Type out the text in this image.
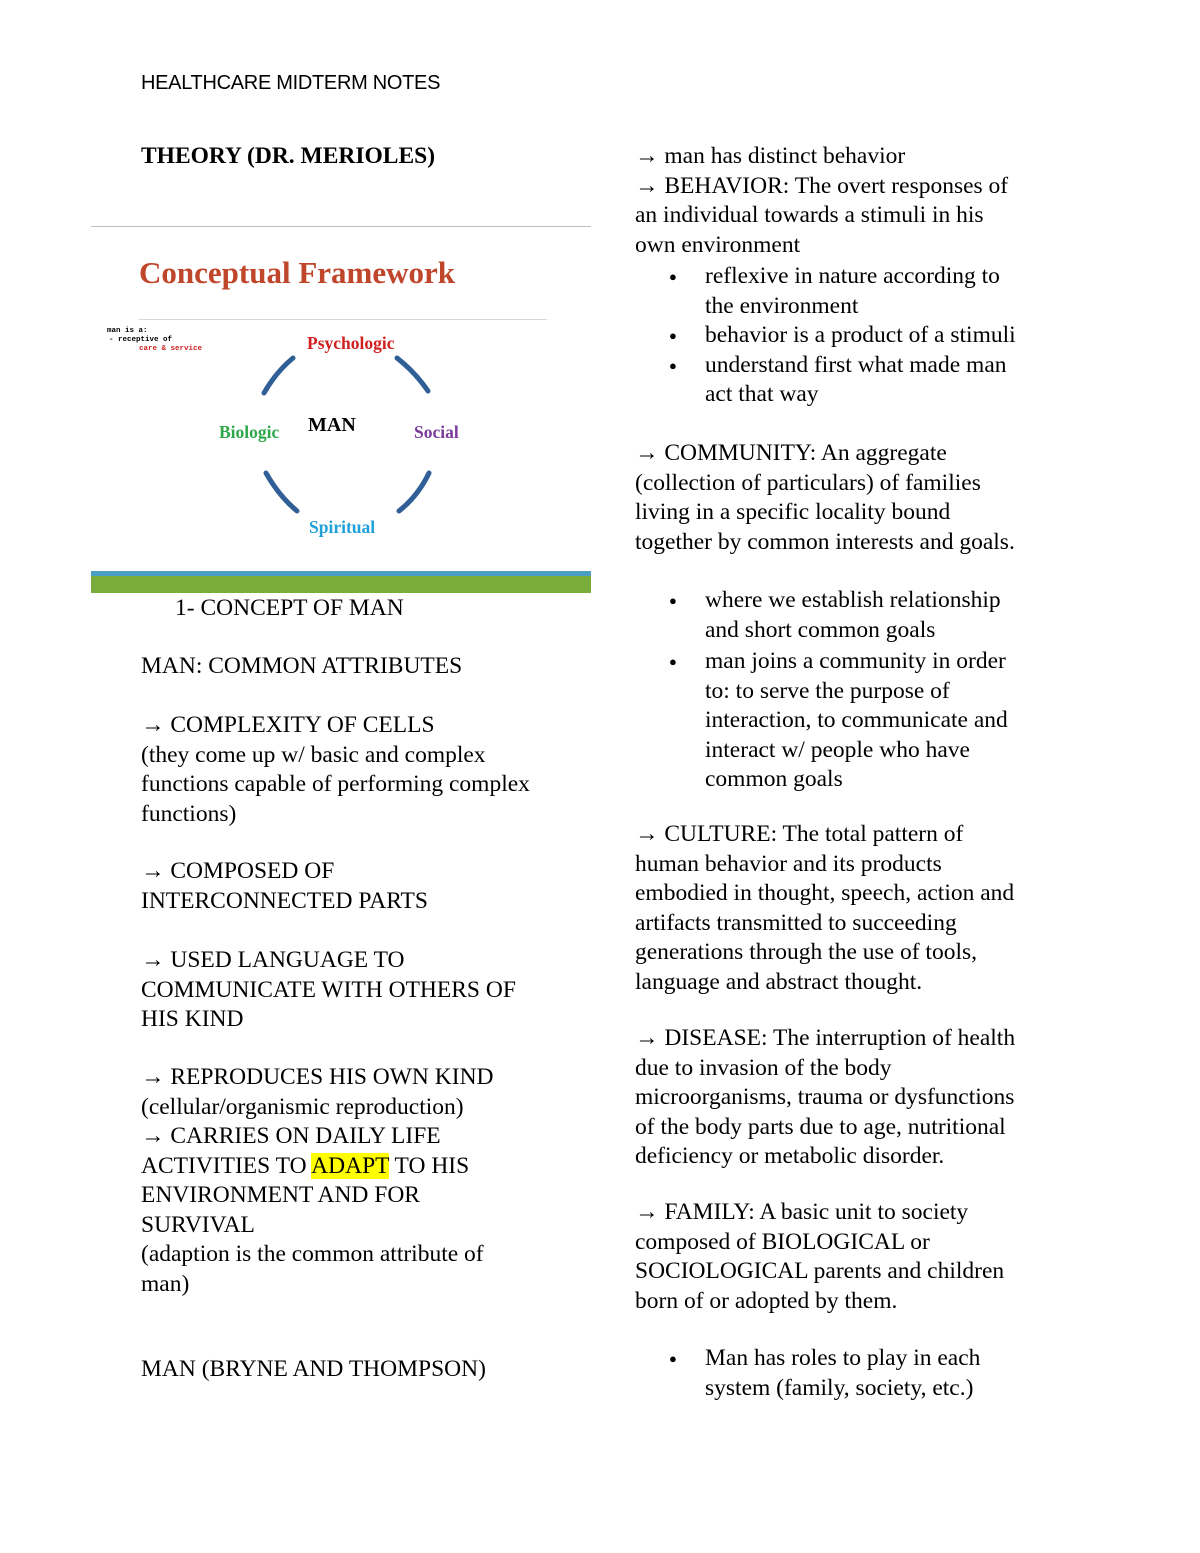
HEALTHCARE MIDTERM NOTES
THEORY (DR. MERIOLES)
Conceptual Framework
man is a:
- receptive of
care & service	Psychologic
Biologic MAN	Social
Spiritual
1- CONCEPT OF MAN
MAN: COMMON ATTRIBUTES
→ COMPLEXITY OF CELLS
(they come up w/ basic and complex
functions capable of performing complex
functions)
→ COMPOSED OF
INTERCONNECTED PARTS
→ USED LANGUAGE TO
COMMUNICATE WITH OTHERS OF
HIS KIND
→ REPRODUCES HIS OWN KIND
(cellular/organismic reproduction)
→ CARRIES ON DAILY LIFE
ACTIVITIES TO ADAPT TO HIS
ENVIRONMENT AND FOR
SURVIVAL
(adaption is the common attribute of
man)
MAN (BRYNE AND THOMPSON)
→ man has distinct behavior
→ BEHAVIOR: The overt responses of
an individual towards a stimuli in his
own environment
● reflexive in nature according to
the environment
● behavior is a product of a stimuli
● understand first what made man
act that way
→ COMMUNITY: An aggregate
(collection of particulars) of families
living in a specific locality bound
together by common interests and goals.
● where we establish relationship
and short common goals
● man joins a community in order
to: to serve the purpose of
interaction, to communicate and
interact w/ people who have
common goals
→ CULTURE: The total pattern of
human behavior and its products
embodied in thought, speech, action and
artifacts transmitted to succeeding
generations through the use of tools,
language and abstract thought.
→ DISEASE: The interruption of health
due to invasion of the body
microorganisms, trauma or dysfunctions
of the body parts due to age, nutritional
deficiency or metabolic disorder.
→ FAMILY: A basic unit to society
composed of BIOLOGICAL or
SOCIOLOGICAL parents and children
born of or adopted by them.
● Man has roles to play in each
system (family, society, etc.)
